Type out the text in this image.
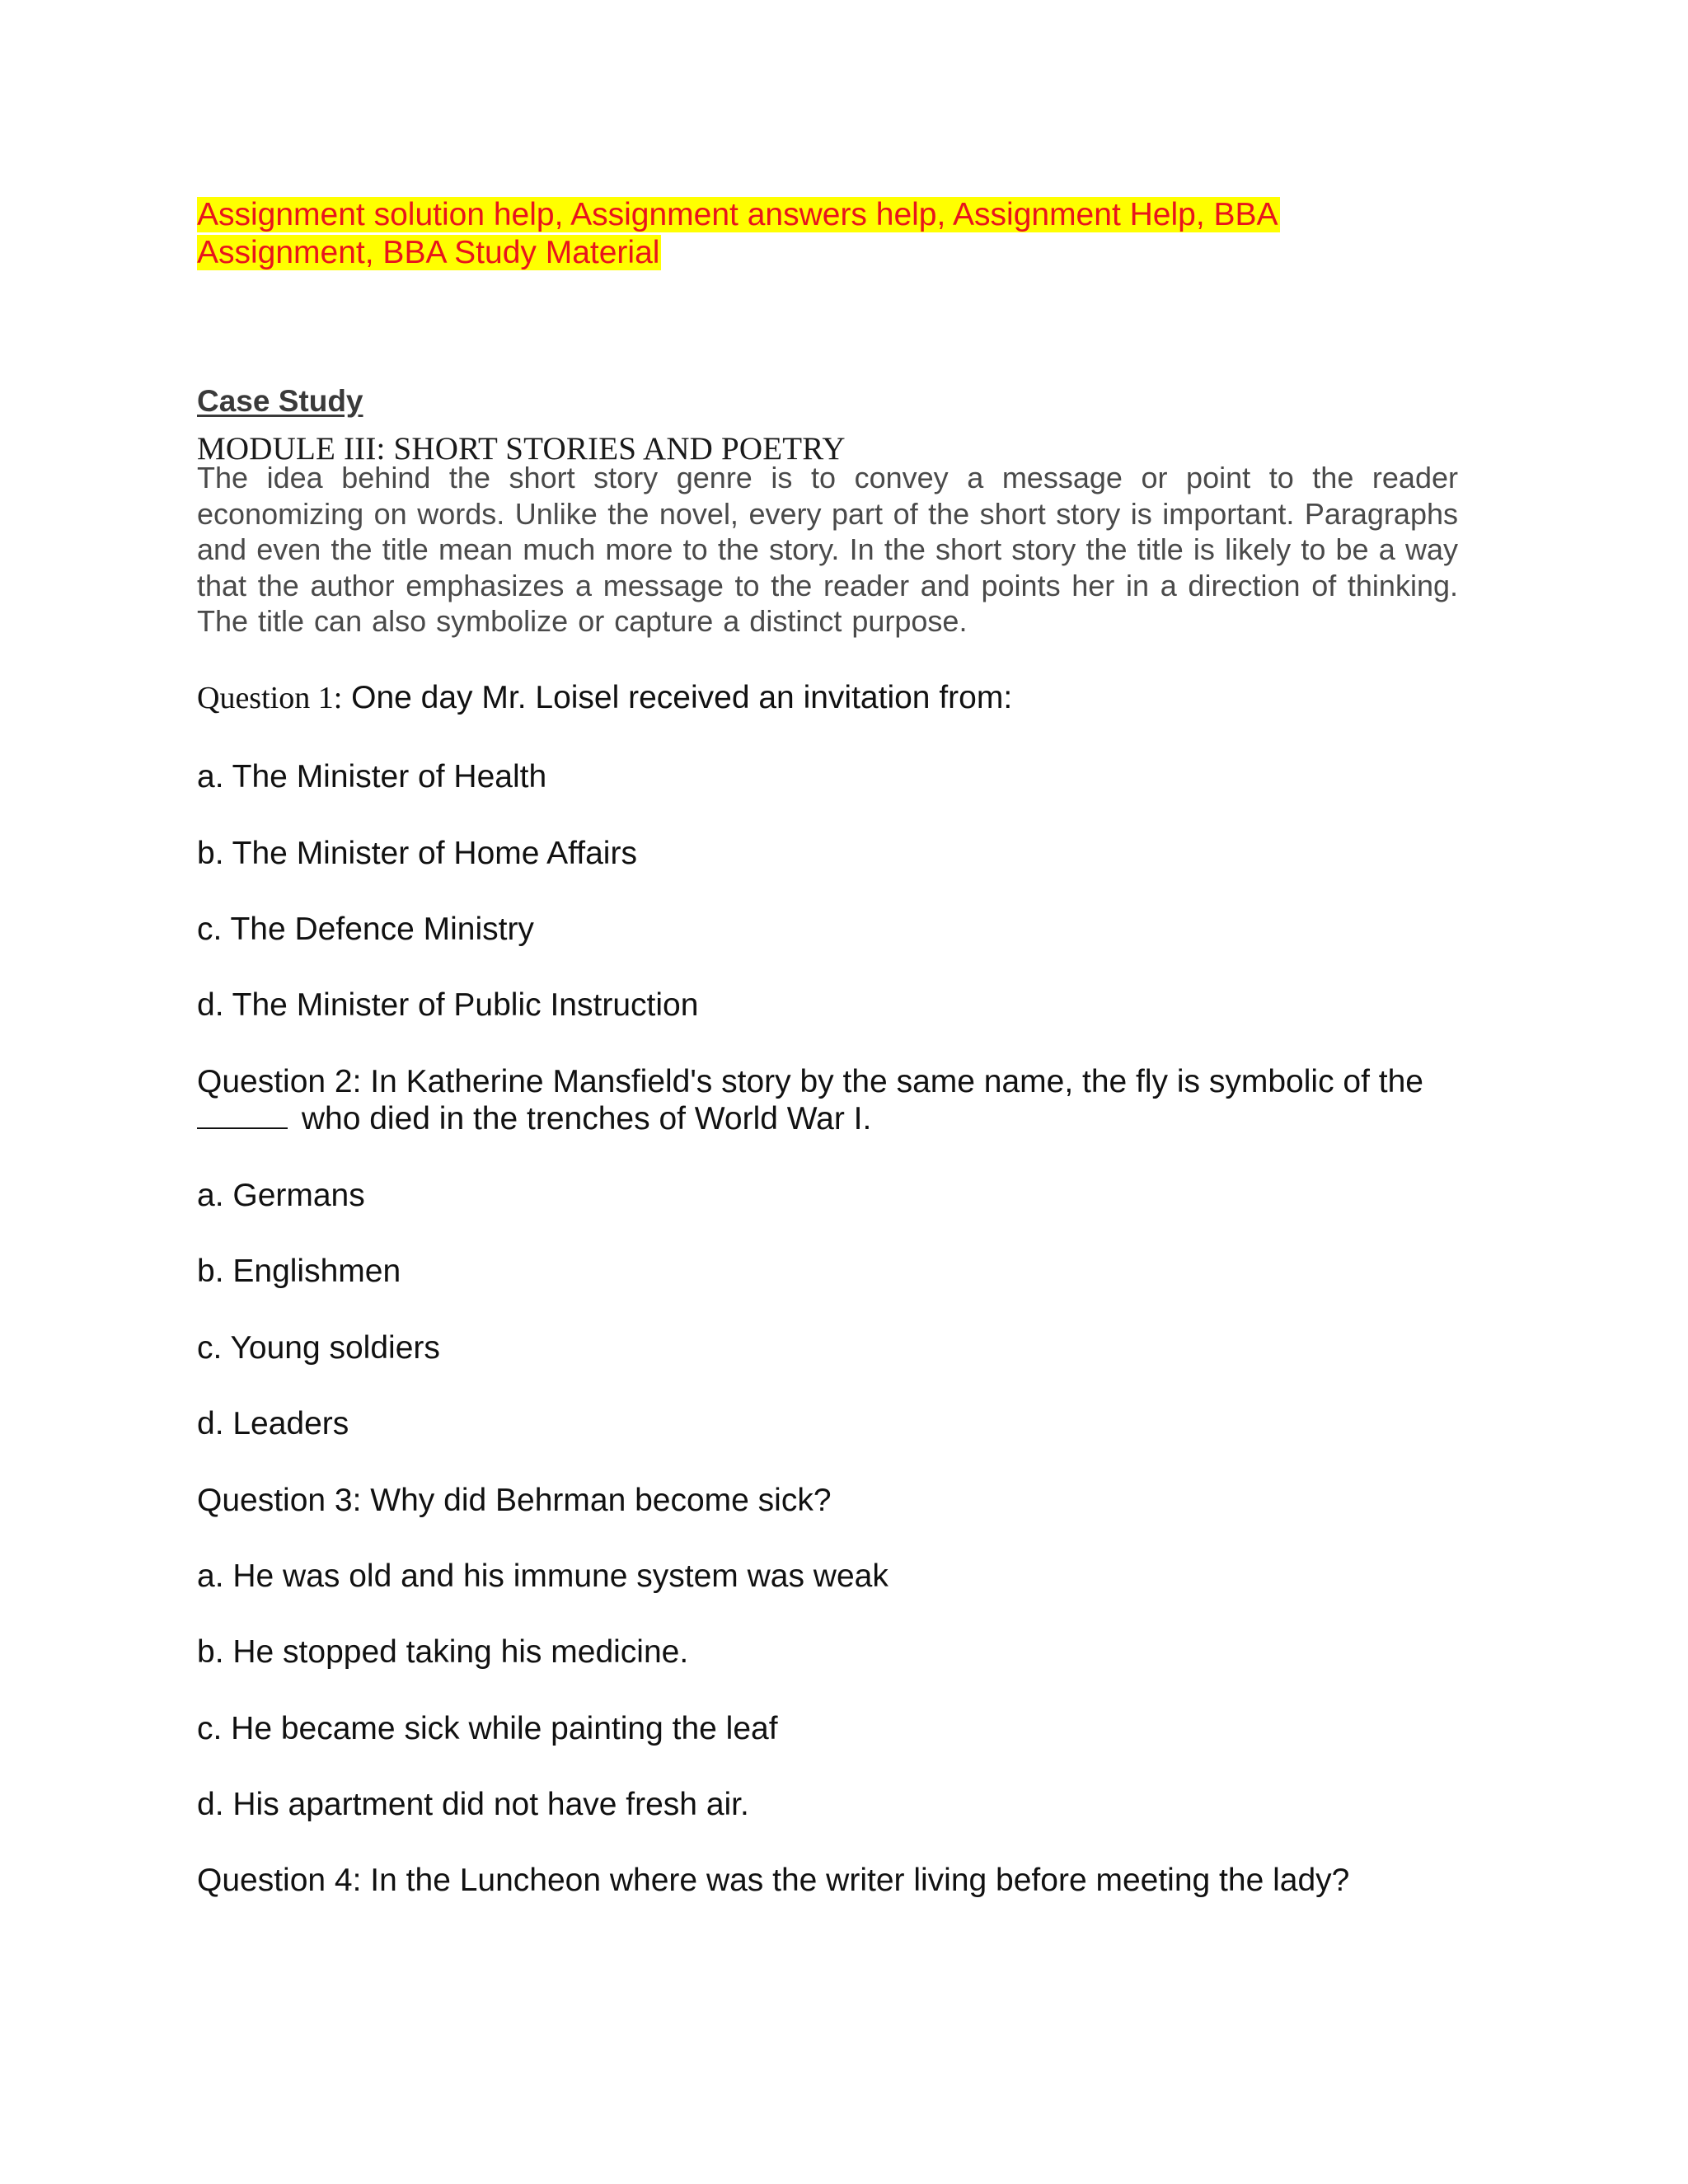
Assignment solution help, Assignment answers help, Assignment Help, BBA
Assignment, BBA Study Material
MODULE III: SHORT STORIES AND POETRY
Case Study

The idea behind the short story genre is to convey a message or point to the reader economizing on words. Unlike the novel, every part of the short story is important. Paragraphs and even the title mean much more to the story. In the short story the title is likely to be a way that the author emphasizes a message to the reader and points her in a direction of thinking. The title can also symbolize or capture a distinct purpose.

Question 1: One day Mr. Loisel received an invitation from:
a. The Minister of Health
b. The Minister of Home Affairs
c. The Defence Ministry
d. The Minister of Public Instruction
Question 2: In Katherine Mansfield's story by the same name, the fly is symbolic of the
who died in the trenches of World War I.
a. Germans
b. Englishmen
c. Young soldiers
d. Leaders
Question 3: Why did Behrman become sick?
a. He was old and his immune system was weak
b. He stopped taking his medicine.
c. He became sick while painting the leaf
d. His apartment did not have fresh air.
Question 4: In the Luncheon where was the writer living before meeting the lady?
